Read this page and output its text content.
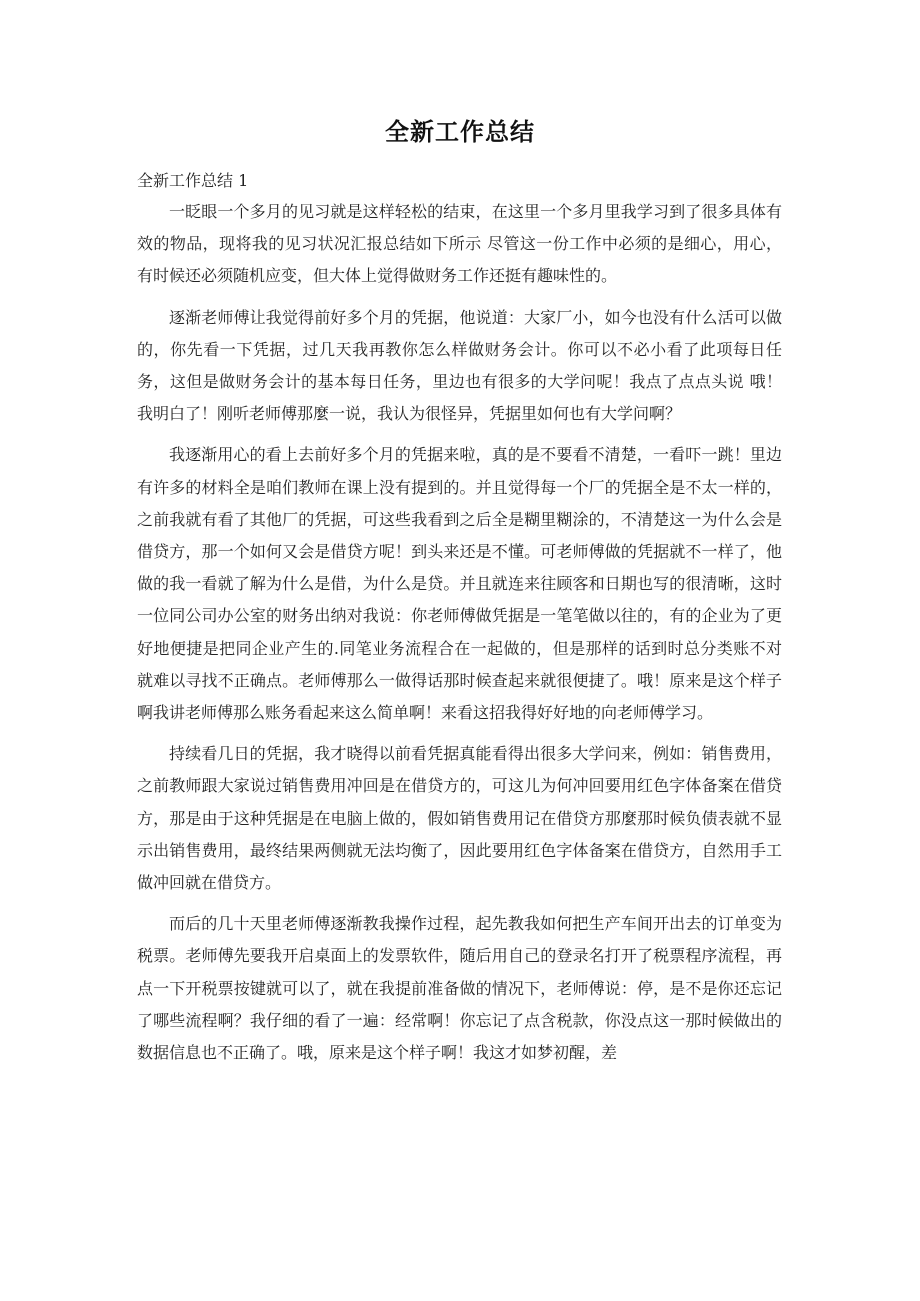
全新工作总结
全新工作总结 1

一眨眼一个多月的见习就是这样轻松的结束，在这里一个多月里我学习到了很多具体有效的物品，现将我的见习状况汇报总结如下所示 尽管这一份工作中必须的是细心，用心，有时候还必须随机应变，但大体上觉得做财务工作还挺有趣味性的。

逐渐老师傅让我觉得前好多个月的凭据，他说道：大家厂小，如今也没有什么活可以做的，你先看一下凭据，过几天我再教你怎么样做财务会计。你可以不必小看了此项每日任务，这但是做财务会计的基本每日任务，里边也有很多的大学问呢！我点了点点头说 哦！我明白了！刚听老师傅那麼一说，我认为很怪异，凭据里如何也有大学问啊？

我逐渐用心的看上去前好多个月的凭据来啦，真的是不要看不清楚，一看吓一跳！里边有许多的材料全是咱们教师在课上没有提到的。并且觉得每一个厂的凭据全是不太一样的，之前我就有看了其他厂的凭据，可这些我看到之后全是糊里糊涂的，不清楚这一为什么会是借贷方，那一个如何又会是借贷方呢！到头来还是不懂。可老师傅做的凭据就不一样了，他做的我一看就了解为什么是借，为什么是贷。并且就连来往顾客和日期也写的很清晰，这时一位同公司办公室的财务出纳对我说：你老师傅做凭据是一笔笔做以往的，有的企业为了更好地便捷是把同企业产生的.同笔业务流程合在一起做的，但是那样的话到时总分类账不对就难以寻找不正确点。老师傅那么一做得话那时候查起来就很便捷了。哦！原来是这个样子啊我讲老师傅那么账务看起来这么简单啊！来看这招我得好好地的向老师傅学习。

持续看几日的凭据，我才晓得以前看凭据真能看得出很多大学问来，例如：销售费用，之前教师跟大家说过销售费用冲回是在借贷方的，可这儿为何冲回要用红色字体备案在借贷方，那是由于这种凭据是在电脑上做的，假如销售费用记在借贷方那麼那时候负债表就不显示出销售费用，最终结果两侧就无法均衡了，因此要用红色字体备案在借贷方，自然用手工做冲回就在借贷方。

而后的几十天里老师傅逐渐教我操作过程，起先教我如何把生产车间开出去的订单变为税票。老师傅先要我开启桌面上的发票软件，随后用自己的登录名打开了税票程序流程，再点一下开税票按键就可以了，就在我提前准备做的情况下，老师傅说：停，是不是你还忘记了哪些流程啊？我仔细的看了一遍：经常啊！你忘记了点含税款，你没点这一那时候做出的数据信息也不正确了。哦，原来是这个样子啊！我这才如梦初醒，差
